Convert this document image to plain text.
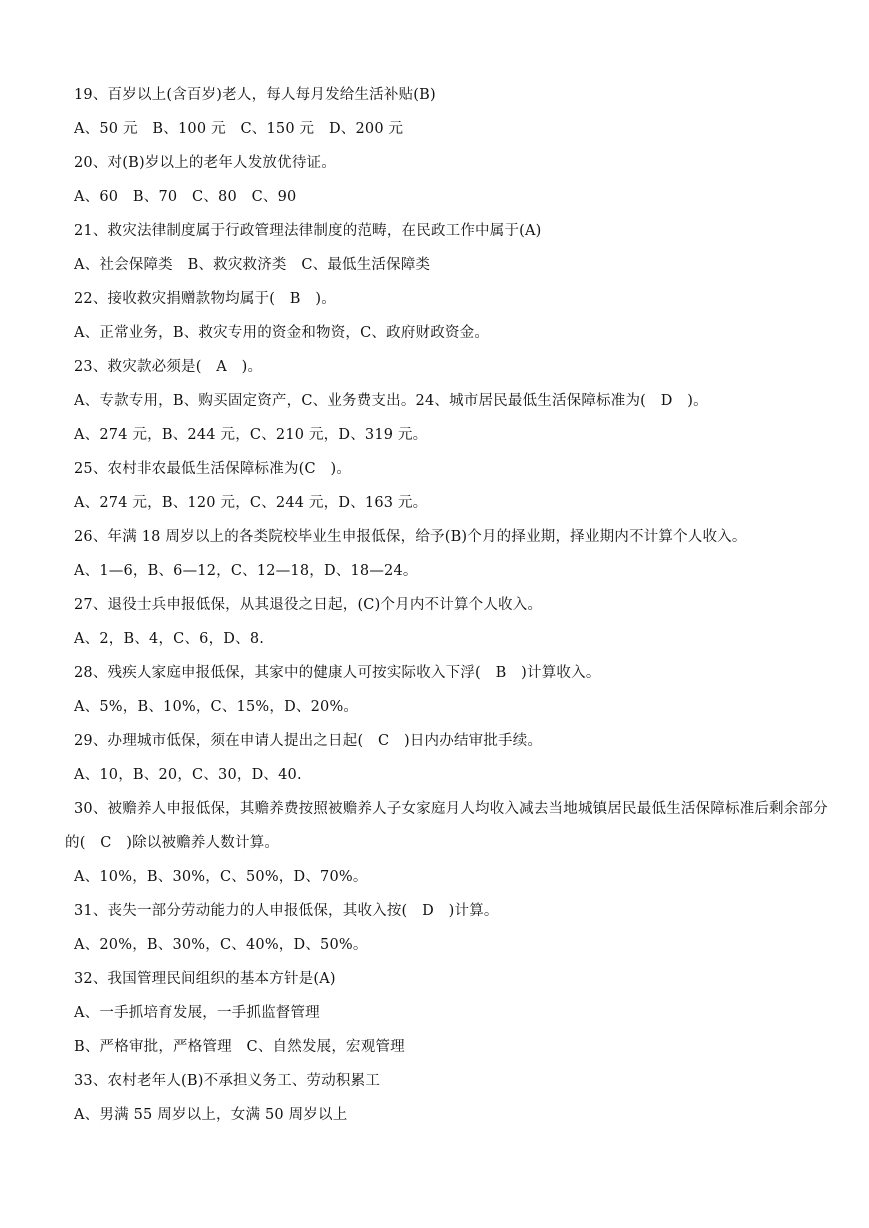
19、百岁以上(含百岁)老人，每人每月发给生活补贴(B)
A、50 元　B、100 元　C、150 元　D、200 元
20、对(B)岁以上的老年人发放优待证。
A、60　B、70　C、80　C、90
21、救灾法律制度属于行政管理法律制度的范畴，在民政工作中属于(A)
A、社会保障类　B、救灾救济类　C、最低生活保障类
22、接收救灾捐赠款物均属于(　B　)。
A、正常业务，B、救灾专用的资金和物资，C、政府财政资金。
23、救灾款必须是(　A　)。
A、专款专用，B、购买固定资产，C、业务费支出。24、城市居民最低生活保障标准为(　D　)。
A、274 元，B、244 元，C、210 元，D、319 元。
25、农村非农最低生活保障标准为(C　)。
A、274 元，B、120 元，C、244 元，D、163 元。
26、年满 18 周岁以上的各类院校毕业生申报低保，给予(B)个月的择业期，择业期内不计算个人收入。
A、1—6，B、6—12，C、12—18，D、18—24。
27、退役士兵申报低保，从其退役之日起，(C)个月内不计算个人收入。
A、2，B、4，C、6，D、8.
28、残疾人家庭申报低保，其家中的健康人可按实际收入下浮(　B　)计算收入。
A、5%，B、10%，C、15%，D、20%。
29、办理城市低保，须在申请人提出之日起(　C　)日内办结审批手续。
A、10，B、20，C、30，D、40.
30、被赡养人申报低保，其赡养费按照被赡养人子女家庭月人均收入减去当地城镇居民最低生活保障标准后剩余部分的(　C　)除以被赡养人数计算。
A、10%，B、30%，C、50%，D、70%。
31、丧失一部分劳动能力的人申报低保，其收入按(　D　)计算。
A、20%，B、30%，C、40%，D、50%。
32、我国管理民间组织的基本方针是(A)
A、一手抓培育发展，一手抓监督管理
B、严格审批，严格管理　C、自然发展，宏观管理
33、农村老年人(B)不承担义务工、劳动积累工
A、男满 55 周岁以上，女满 50 周岁以上
